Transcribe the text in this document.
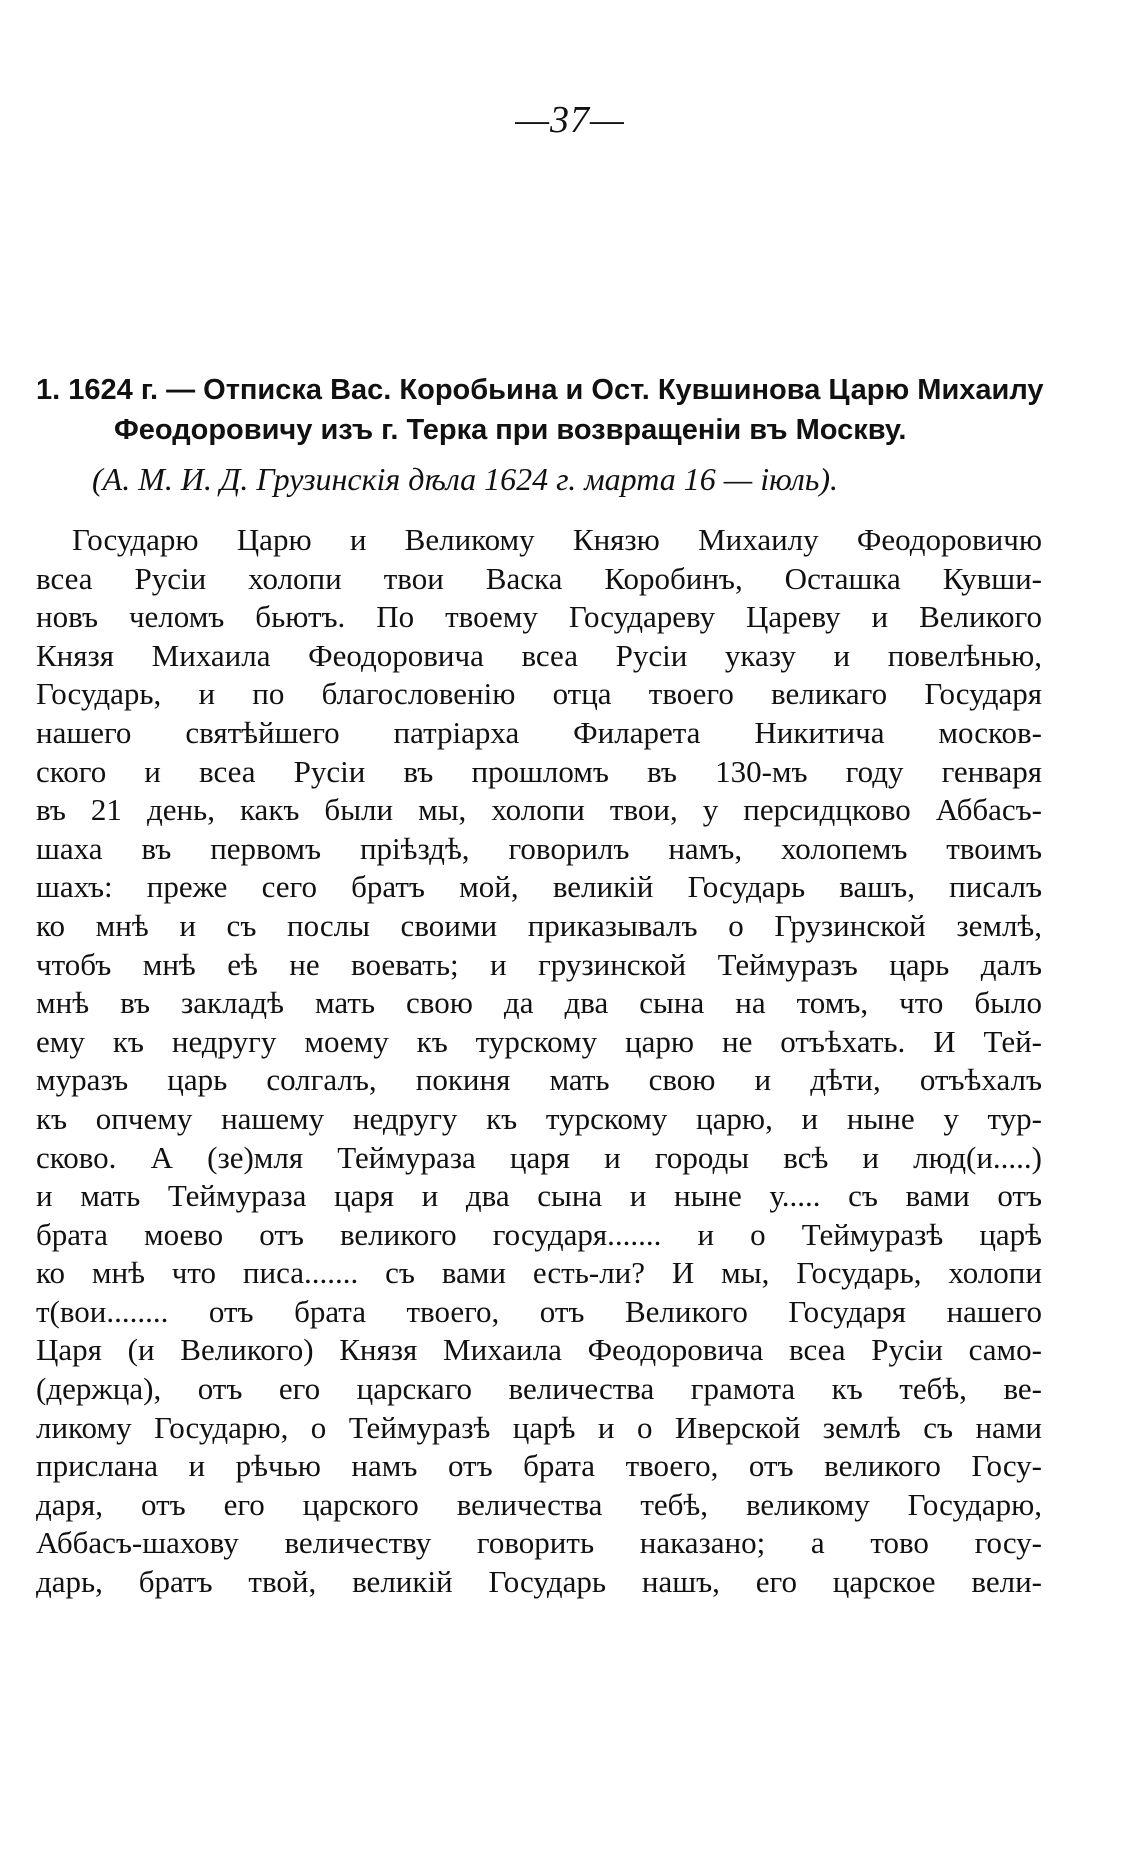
—37—
1. 1624 г. — Отписка Вас. Коробьина и Ост. Кувшинова Царю Михаилу
Феодоровичу изъ г. Терка при возвращеніи въ Москву.
(А. М. И. Д. Грузинскія дѣла 1624 г. марта 16 — іюль).
Государю Царю и Великому Князю Михаилу Феодоровичю
всеа Русіи холопи твои Васка Коробинъ, Осташка Кувши-
новъ челомъ бьютъ. По твоему Государеву Цареву и Великого
Князя Михаила Феодоровича всеа Русіи указу и повелѣнью,
Государь, и по благословенію отца твоего великаго Государя
нашего святѣйшего патріарха Филарета Никитича москов-
ского и всеа Русіи въ прошломъ въ 130-мъ году генваря
въ 21 день, какъ были мы, холопи твои, у персидцково Аббасъ-
шаха въ первомъ пріѣздѣ, говорилъ намъ, холопемъ твоимъ
шахъ: преже сего братъ мой, великій Государь вашъ, писалъ
ко мнѣ и съ послы своими приказывалъ о Грузинской землѣ,
чтобъ мнѣ еѣ не воевать; и грузинской Теймуразъ царь далъ
мнѣ въ закладѣ мать свою да два сына на томъ, что было
ему къ недругу моему къ турскому царю не отъѣхать. И Тей-
муразъ царь солгалъ, покиня мать свою и дѣти, отъѣхалъ
къ опчему нашему недругу къ турскому царю, и ныне у тур-
сково. А (зе)мля Теймураза царя и городы всѣ и люд(и.....)
и мать Теймураза царя и два сына и ныне у..... съ вами отъ
брата моево отъ великого государя....... и о Теймуразѣ царѣ
ко мнѣ что писа....... съ вами есть-ли? И мы, Государь, холопи
т(вои........ отъ брата твоего, отъ Великого Государя нашего
Царя (и Великого) Князя Михаила Феодоровича всеа Русіи само-
(держца), отъ его царскаго величества грамота къ тебѣ, ве-
ликому Государю, о Теймуразѣ царѣ и о Иверской землѣ съ нами
прислана и рѣчью намъ отъ брата твоего, отъ великого Госу-
даря, отъ его царского величества тебѣ, великому Государю,
Аббасъ-шахову величеству говорить наказано; а тово госу-
дарь, братъ твой, великій Государь нашъ, его царское вели-
